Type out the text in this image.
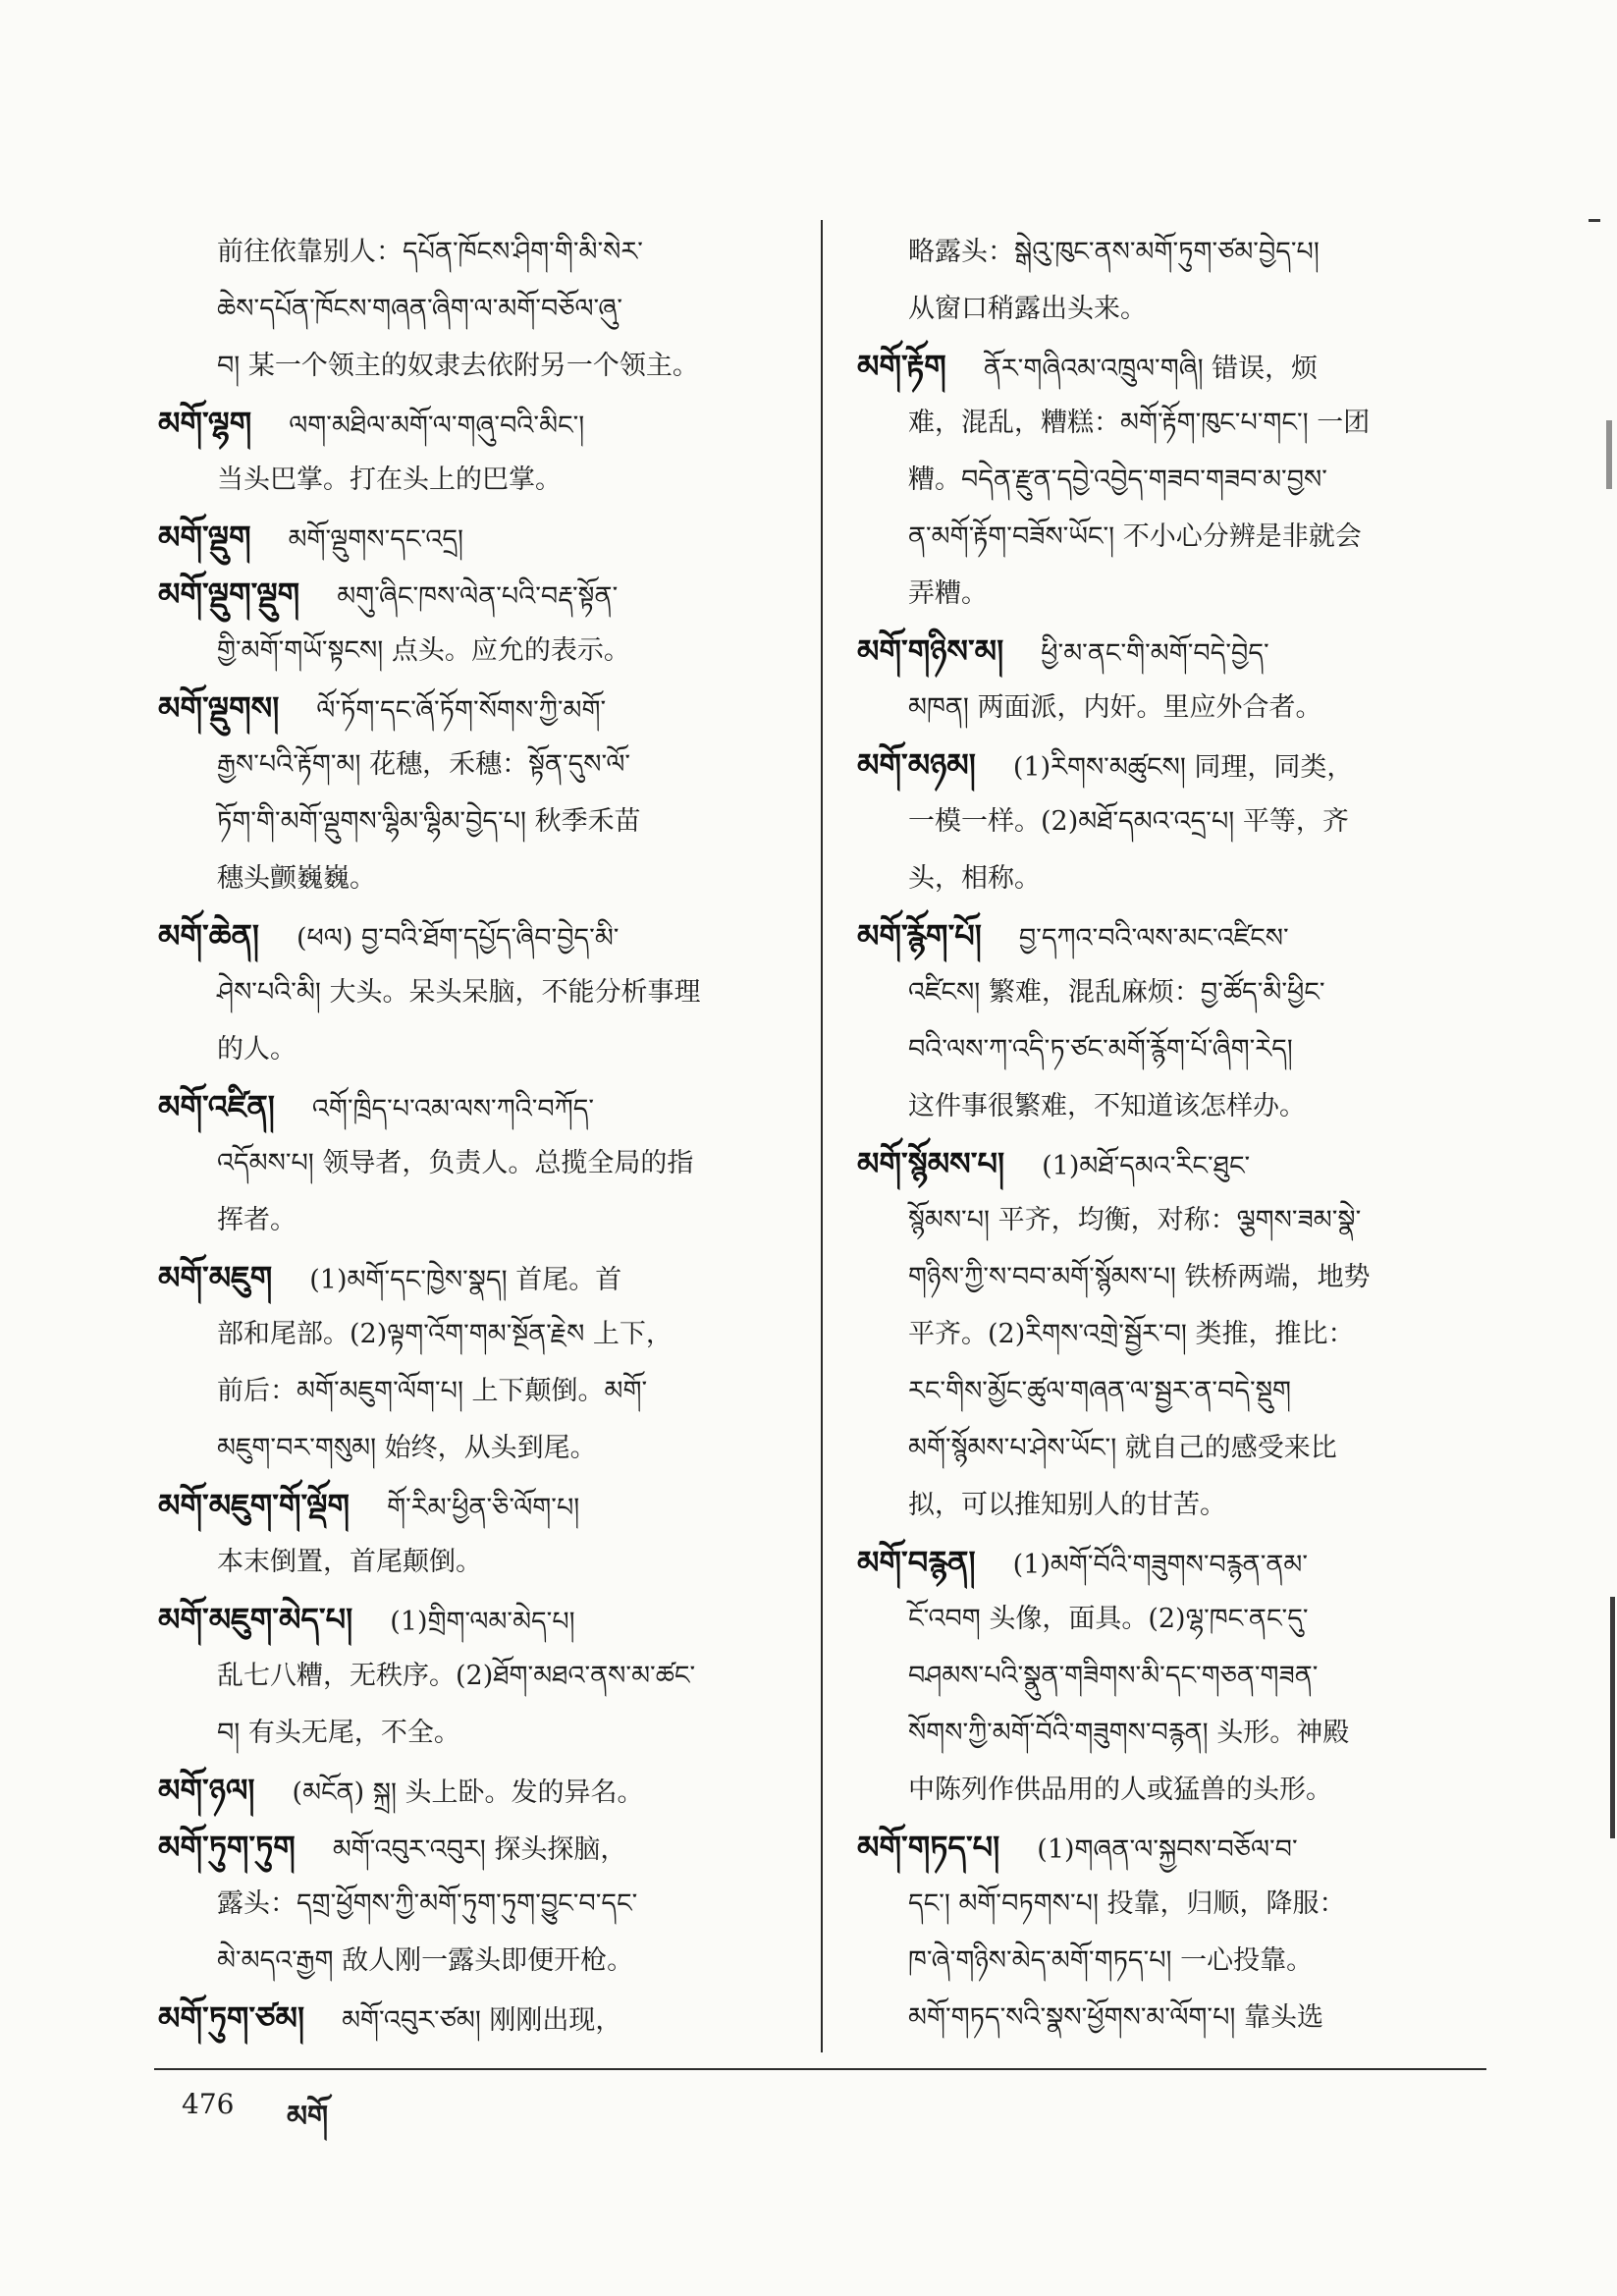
前往依靠别人：དཔོན་ཁོངས་ཤིག་གི་མི་སེར་
ཆེས་དཔོན་ཁོངས་གཞན་ཞིག་ལ་མགོ་བཅོལ་ཞུ་
བ། 某一个领主的奴隶去依附另一个领主。
མགོ་ལྷག ལག་མཐིལ་མགོ་ལ་གཞུ་བའི་མིང་།
当头巴掌。打在头上的巴掌。
མགོ་ལྡུག མགོ་ལྡུགས་དང་འདྲ།
མགོ་ལྡུག་ལྡུག མགུ་ཞིང་ཁས་ལེན་པའི་བརྡ་སྟོན་
གྱི་མགོ་གཡོ་སྟངས། 点头。应允的表示。
མགོ་ལྡུགས། ལོ་ཏོག་དང་ཞོ་ཏོག་སོགས་ཀྱི་མགོ་
རྒྱས་པའི་རྟོག་མ། 花穗，禾穗：སྟོན་དུས་ལོ་
ཏོག་གི་མགོ་ལྡུགས་ལྷིམ་ལྷིམ་བྱེད་པ། 秋季禾苗
穗头颤巍巍。
མགོ་ཆེན། (ཕལ) བྱ་བའི་ཐོག་དཔྱོད་ཞིབ་བྱེད་མི་
ཤེས་པའི་མི། 大头。呆头呆脑，不能分析事理
的人。
མགོ་འཛིན། འགོ་ཁྲིད་པ་འམ་ལས་ཀའི་བཀོད་
འདོམས་པ། 领导者，负责人。总揽全局的指
挥者。
མགོ་མཇུག (1)མགོ་དང་ཁྱེས་སྣད། 首尾。首
部和尾部。(2)ལྟག་འོག་གམ་སྔོན་རྗེས 上下，
前后：མགོ་མཇུག་ལོག་པ། 上下颠倒。མགོ་
མཇུག་བར་གསུམ། 始终，从头到尾。
མགོ་མཇུག་གོ་ལྡོག གོ་རིམ་ཕྱིན་ཅི་ལོག་པ།
本末倒置，首尾颠倒。
མགོ་མཇུག་མེད་པ། (1)གྲིག་ལམ་མེད་པ།
乱七八糟，无秩序。(2)ཐོག་མཐའ་ནས་མ་ཚང་
བ། 有头无尾，不全。
མགོ་ཉལ། (མངོན) སྐྲ། 头上卧。发的异名。
མགོ་ཏུག་ཏུག མགོ་འབུར་འབུར། 探头探脑，
露头：དགྲ་ཕྱོགས་ཀྱི་མགོ་ཏུག་ཏུག་བྱུང་བ་དང་
མེ་མདའ་རྒྱག 敌人刚一露头即便开枪。
མགོ་ཏུག་ཙམ། མགོ་འབུར་ཙམ། 刚刚出现，
略露头：སྒེའུ་ཁུང་ནས་མགོ་ཏུག་ཙམ་བྱེད་པ།
从窗口稍露出头来。
མགོ་རྟོག ནོར་གཞིའམ་འཁྲུལ་གཞི། 错误，烦
难，混乱，糟糕：མགོ་རྟོག་ཁུང་པ་གང་། 一团
糟。བདེན་རྫུན་དབྱེ་འབྱེད་གཟབ་གཟབ་མ་བྱས་
ན་མགོ་རྟོག་བཟོས་ཡོང་། 不小心分辨是非就会
弄糟。
མགོ་གཉིས་མ། ཕྱི་མ་ནང་གི་མགོ་བདེ་བྱེད་
མཁན། 两面派，内奸。里应外合者。
མགོ་མཉམ། (1)རིགས་མཚུངས། 同理，同类，
一模一样。(2)མཐོ་དམའ་འདྲ་པ། 平等，齐
头，相称。
མགོ་རྙོག་པོ། བྱ་དཀའ་བའི་ལས་མང་འཛིངས་
འཛིངས། 繁难，混乱麻烦：བྱ་ཚོད་མི་ཕྱིང་
བའི་ལས་ཀ་འདི་ཏ་ཙང་མགོ་རྙོག་པོ་ཞིག་རེད།
这件事很繁难，不知道该怎样办。
མགོ་སྙོམས་པ། (1)མཐོ་དམའ་རིང་ཐུང་
སྙོམས་པ། 平齐，均衡，对称：ལྕགས་ཟམ་སྣེ་
གཉིས་ཀྱི་ས་བབ་མགོ་སྙོམས་པ། 铁桥两端，地势
平齐。(2)རིགས་འགྲེ་སྦྱོར་བ། 类推，推比：
རང་གིས་མྱོང་ཚུལ་གཞན་ལ་སྦྱར་ན་བདེ་སྡུག
མགོ་སྙོམས་པ་ཤེས་ཡོང་། 就自己的感受来比
拟，可以推知别人的甘苦。
མགོ་བརྙན། (1)མགོ་བོའི་གཟུགས་བརྙན་ནམ་
ངོ་འབག 头像，面具。(2)ལྷ་ཁང་ནང་དུ་
བཤམས་པའི་སྣུན་གཟིགས་མི་དང་གཅན་གཟན་
སོགས་ཀྱི་མགོ་བོའི་གཟུགས་བརྙན། 头形。神殿
中陈列作供品用的人或猛兽的头形。
མགོ་གཏད་པ། (1)གཞན་ལ་སྐྱབས་བཅོལ་བ་
དང་། མགོ་བཏགས་པ། 投靠，归顺，降服：
ཁ་ཞེ་གཉིས་མེད་མགོ་གཏད་པ། 一心投靠。
མགོ་གཏད་སའི་སྣས་ཕྱོགས་མ་ལོག་པ། 靠头选
476 མགོ
